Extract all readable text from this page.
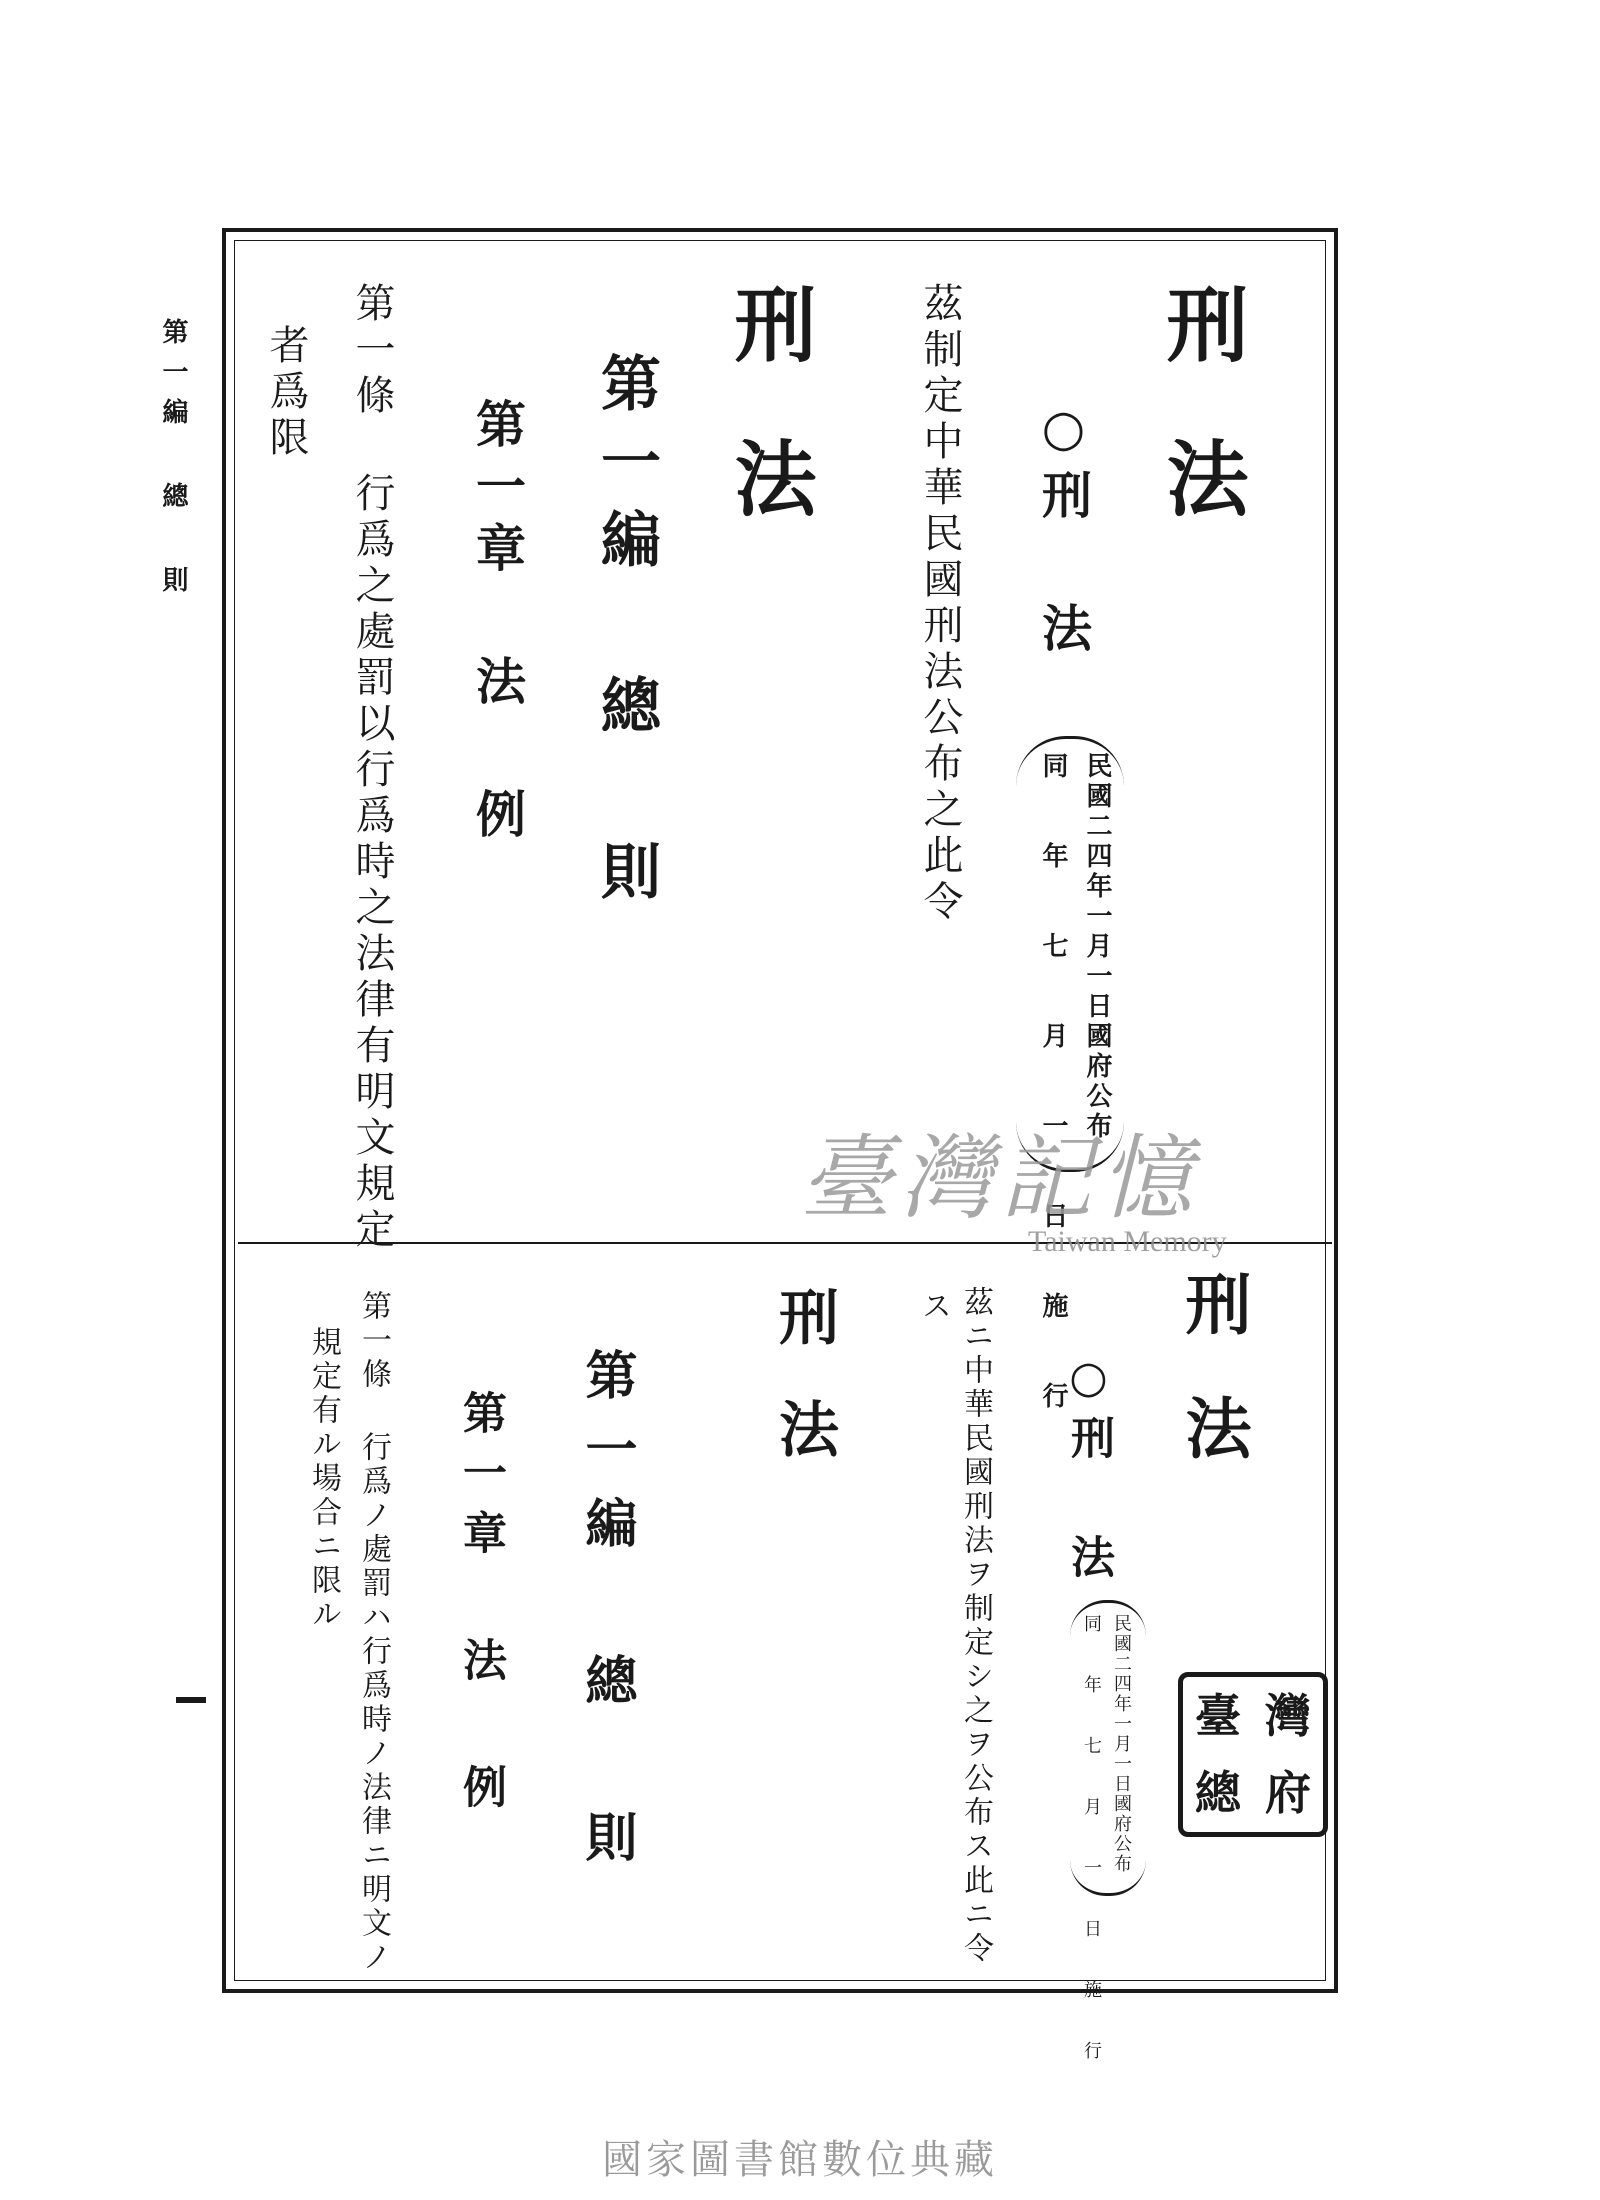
第一編 總 則	刑法
○刑 法
民國二四年一月一日國府公布
同 年 七 月 一 日 施 行
茲制定中華民國刑法公布之此令
刑法
第一編 總 則
第一章 法 例
第一條 行爲之處罰以行爲時之法律有明文規定
者爲限
刑法
○刑 法
民國二四年一月一日國府公布
同 年 七 月 一 日 施 行
茲ニ中華民國刑法ヲ制定シ之ヲ公布ス此ニ令
ス
刑法
第一編 總 則
第一章 法 例
第一條 行爲ノ處罰ハ行爲時ノ法律ニ明文ノ
規定有ル場合ニ限ル
臺 灣
總 府
臺灣記憶
Taiwan Memory
國家圖書館數位典藏
